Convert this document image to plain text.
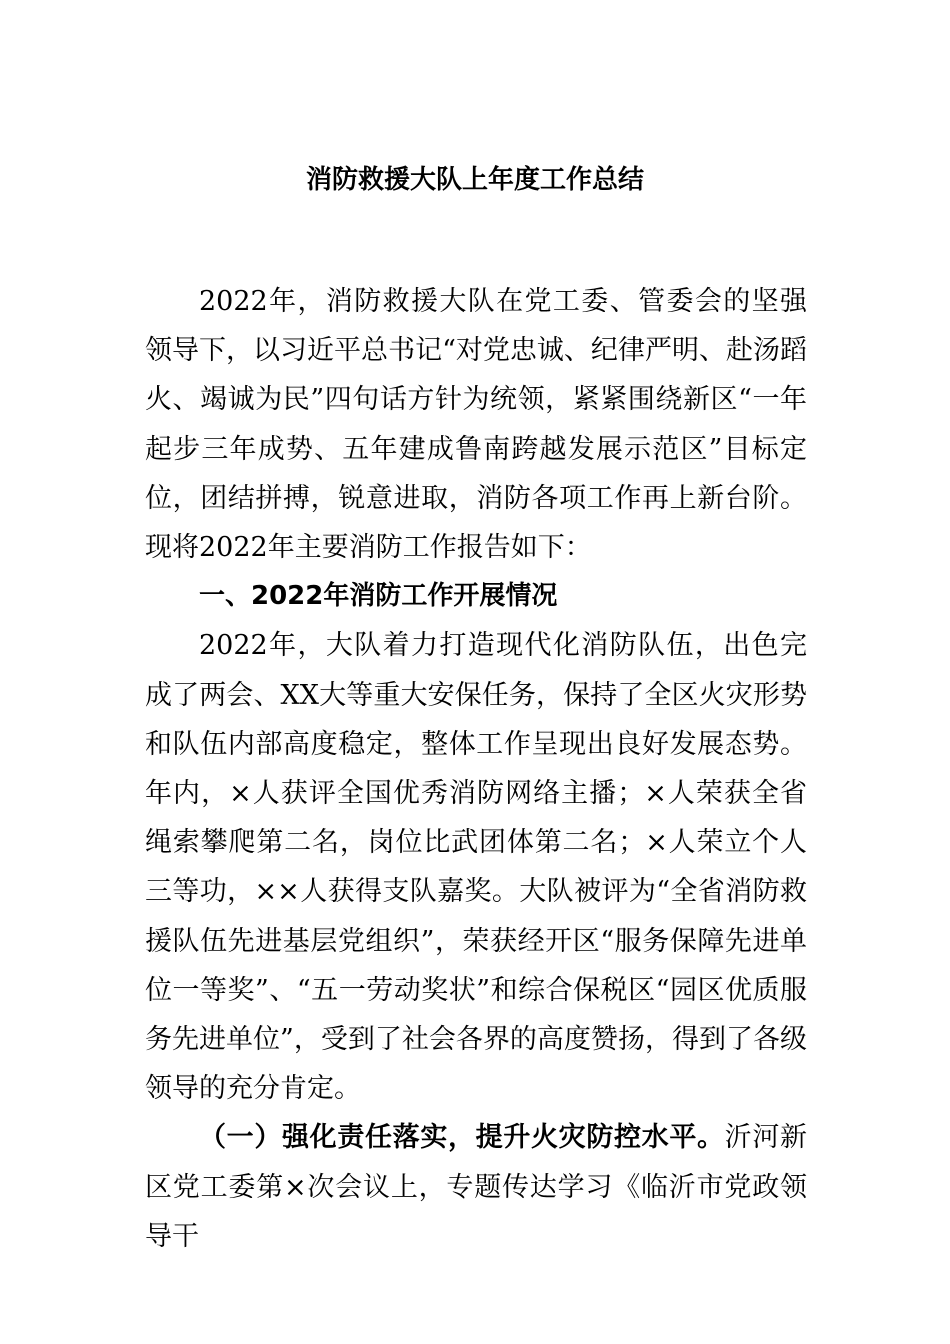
消防救援大队上年度工作总结

2022年，消防救援大队在党工委、管委会的坚强领导下，以习近平总书记“对党忠诚、纪律严明、赴汤蹈火、竭诚为民”四句话方针为统领，紧紧围绕新区“一年起步三年成势、五年建成鲁南跨越发展示范区”目标定位，团结拼搏，锐意进取，消防各项工作再上新台阶。现将2022年主要消防工作报告如下：

一、2022年消防工作开展情况

2022年，大队着力打造现代化消防队伍，出色完成了两会、XX大等重大安保任务，保持了全区火灾形势和队伍内部高度稳定，整体工作呈现出良好发展态势。年内，×人获评全国优秀消防网络主播；×人荣获全省绳索攀爬第二名，岗位比武团体第二名；×人荣立个人三等功，××人获得支队嘉奖。大队被评为“全省消防救援队伍先进基层党组织”，荣获经开区“服务保障先进单位一等奖”、“五一劳动奖状”和综合保税区“园区优质服务先进单位”，受到了社会各界的高度赞扬，得到了各级领导的充分肯定。

（一）强化责任落实，提升火灾防控水平。沂河新区党工委第×次会议上，专题传达学习《临沂市党政领导干
